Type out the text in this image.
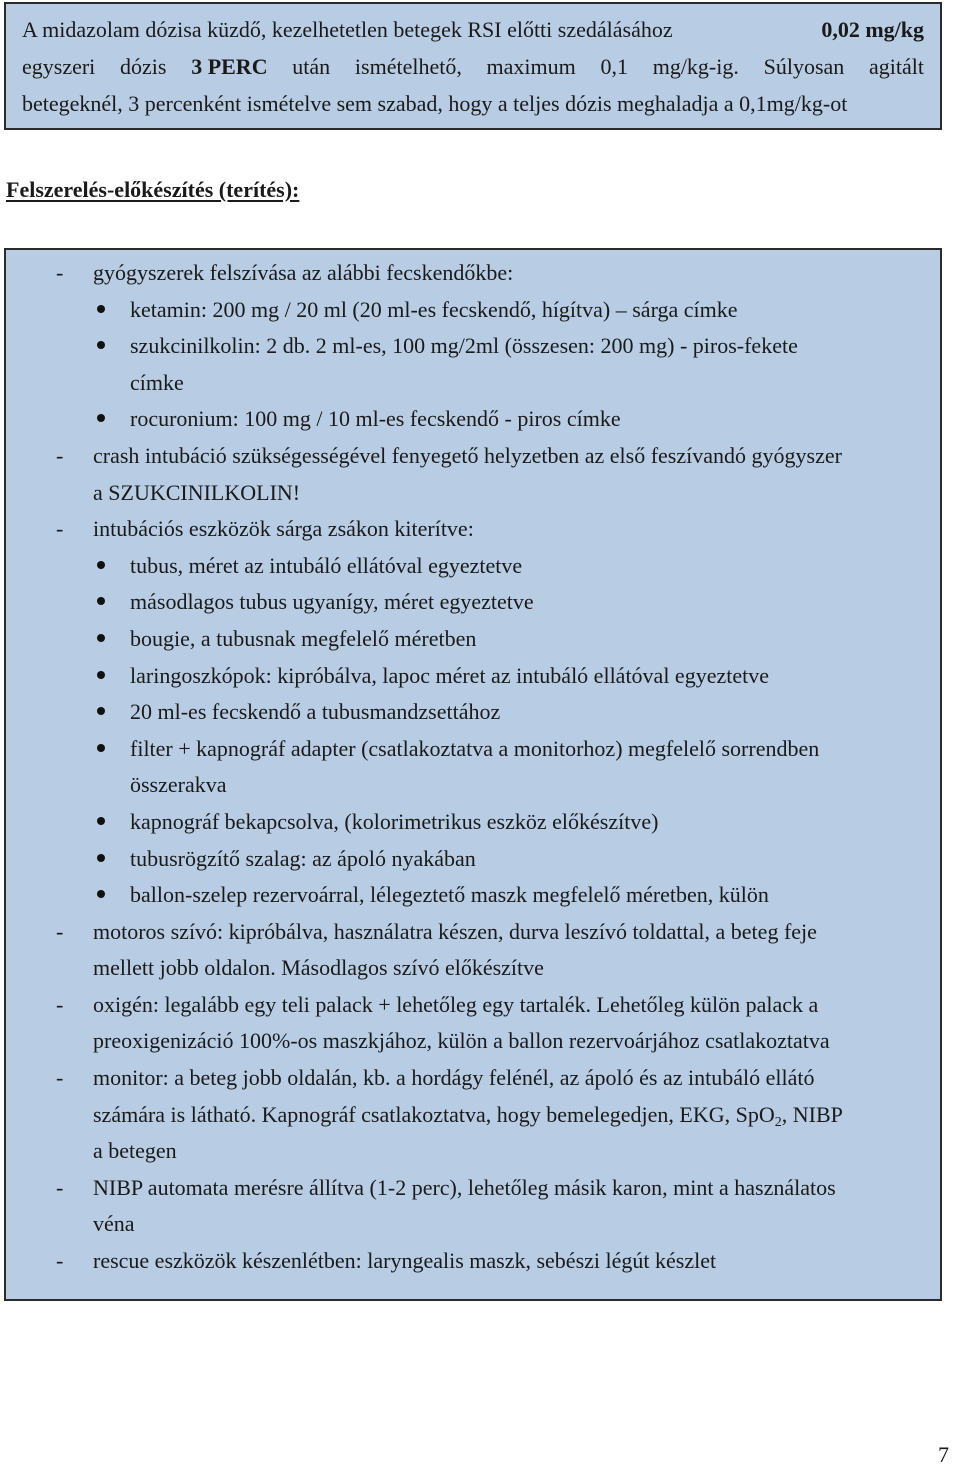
A midazolam dózisa küzdő, kezelhetetlen betegek RSI előtti szedálásához	0,02 mg/kg
egyszeri dózis 3 PERC után ismételhető, maximum 0,1 mg/kg-ig. Súlyosan agitált
betegeknél, 3 percenként ismételve sem szabad, hogy a teljes dózis meghaladja a 0,1mg/kg-ot
Felszerelés-előkészítés (terítés):
-	gyógyszerek felszívása az alábbi fecskendőkbe:
ketamin: 200 mg / 20 ml (20 ml-es fecskendő, hígítva) – sárga címke
szukcinilkolin: 2 db. 2 ml-es, 100 mg/2ml (összesen: 200 mg) - piros-fekete
címke
rocuronium: 100 mg / 10 ml-es fecskendő - piros címke
-	crash intubáció szükségességével fenyegető helyzetben az első feszívandó gyógyszer
a SZUKCINILKOLIN!
-	intubációs eszközök sárga zsákon kiterítve:
tubus, méret az intubáló ellátóval egyeztetve
másodlagos tubus ugyanígy, méret egyeztetve
bougie, a tubusnak megfelelő méretben
laringoszkópok: kipróbálva, lapoc méret az intubáló ellátóval egyeztetve
20 ml-es fecskendő a tubusmandzsettához
filter + kapnográf adapter (csatlakoztatva a monitorhoz) megfelelő sorrendben
összerakva
kapnográf bekapcsolva, (kolorimetrikus eszköz előkészítve)
tubusrögzítő szalag: az ápoló nyakában
ballon-szelep rezervoárral, lélegeztető maszk megfelelő méretben, külön
-	motoros szívó: kipróbálva, használatra készen, durva leszívó toldattal, a beteg feje
mellett jobb oldalon. Másodlagos szívó előkészítve
-	oxigén: legalább egy teli palack + lehetőleg egy tartalék. Lehetőleg külön palack a
preoxigenizáció 100%-os maszkjához, külön a ballon rezervoárjához csatlakoztatva
-	monitor: a beteg jobb oldalán, kb. a hordágy felénél, az ápoló és az intubáló ellátó
számára is látható. Kapnográf csatlakoztatva, hogy bemelegedjen, EKG, SpO$_2$, NIBP
a betegen
-	NIBP automata merésre állítva (1-2 perc), lehetőleg másik karon, mint a használatos
véna
-	rescue eszközök készenlétben: laryngealis maszk, sebészi légút készlet
7
